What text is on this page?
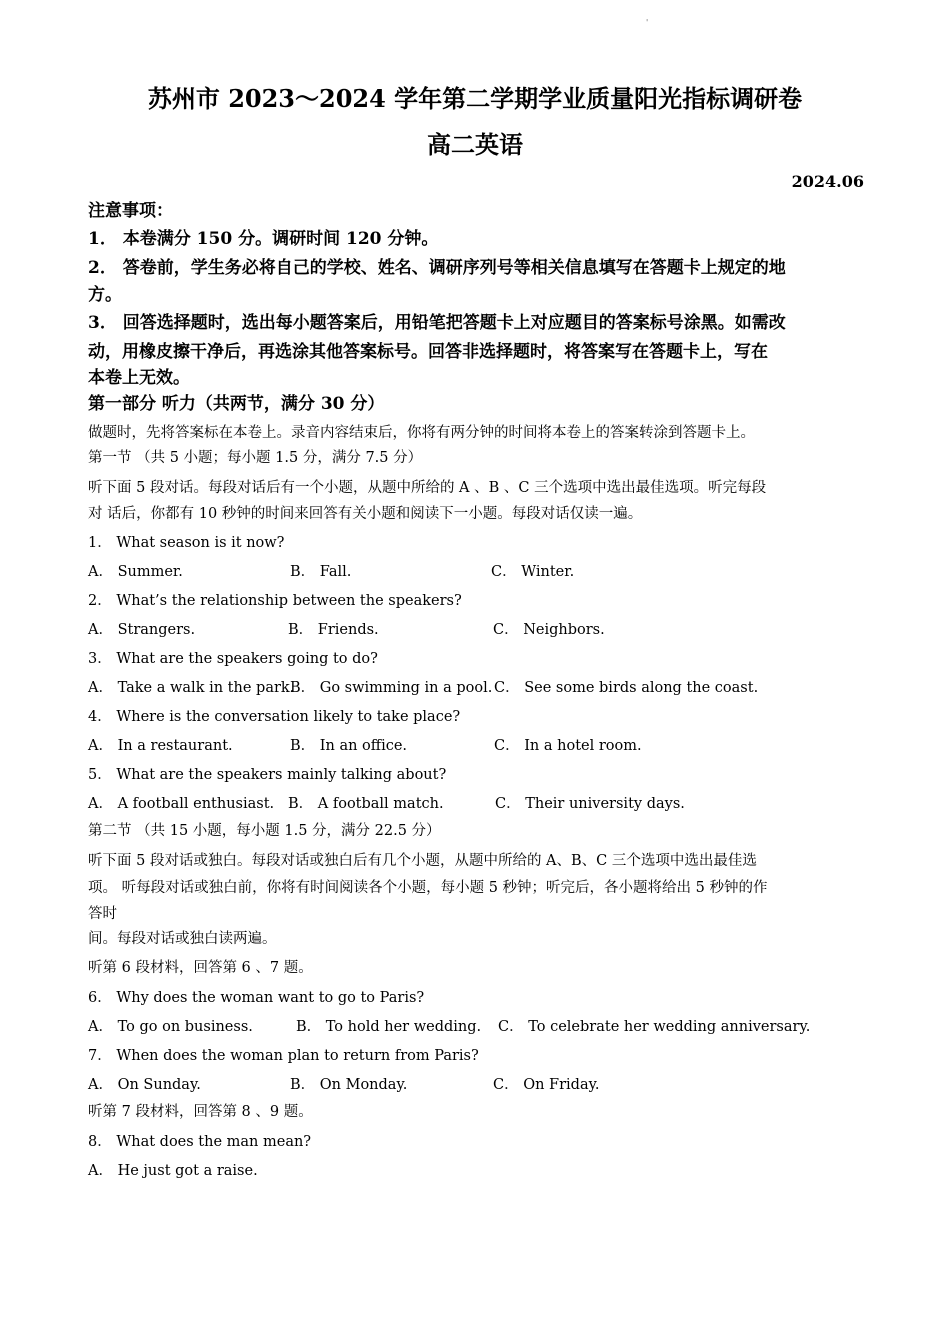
'
苏州市 2023～2024 学年第二学期学业质量阳光指标调研卷
高二英语
2024.06
注意事项：
1． 本卷满分 150 分。调研时间 120 分钟。
2． 答卷前，学生务必将自己的学校、姓名、调研序列号等相关信息填写在答题卡上规定的地
方。
3． 回答选择题时，选出每小题答案后，用铅笔把答题卡上对应题目的答案标号涂黑。如需改
动，用橡皮擦干净后，再选涂其他答案标号。回答非选择题时，将答案写在答题卡上，写在
本卷上无效。
第一部分 听力（共两节，满分 30 分）
做题时，先将答案标在本卷上。录音内容结束后，你将有两分钟的时间将本卷上的答案转涂到答题卡上。
第一节 （共 5 小题；每小题 1.5 分，满分 7.5 分）
听下面 5 段对话。每段对话后有一个小题，从题中所给的 A 、B 、C 三个选项中选出最佳选项。听完每段
对 话后，你都有 10 秒钟的时间来回答有关小题和阅读下一小题。每段对话仅读一遍。
1． What season is it now?
A． Summer.	B． Fall.	C． Winter.
2． What’s the relationship between the speakers?
A． Strangers.	B． Friends.	C． Neighbors.
3． What are the speakers going to do?
A． Take a walk in the park.
B． Go swimming in a pool. C． See some birds along the coast.
4． Where is the conversation likely to take place?
A． In a restaurant.	B． In an office.	C． In a hotel room.
5． What are the speakers mainly talking about?
A． A football enthusiast. B． A football match.	C． Their university days.
第二节 （共 15 小题，每小题 1.5 分，满分 22.5 分）
听下面 5 段对话或独白。每段对话或独白后有几个小题，从题中所给的 A、B、C 三个选项中选出最佳选
项。 听每段对话或独白前，你将有时间阅读各个小题，每小题 5 秒钟；听完后，各小题将给出 5 秒钟的作
答时
间。每段对话或独白读两遍。
听第 6 段材料，回答第 6 、7 题。
6． Why does the woman want to go to Paris?
A． To go on business.	B． To hold her wedding. C． To celebrate her wedding anniversary.
7． When does the woman plan to return from Paris?
A． On Sunday.	B． On Monday.	C． On Friday.
听第 7 段材料，回答第 8 、9 题。
8． What does the man mean?
A． He just got a raise.
